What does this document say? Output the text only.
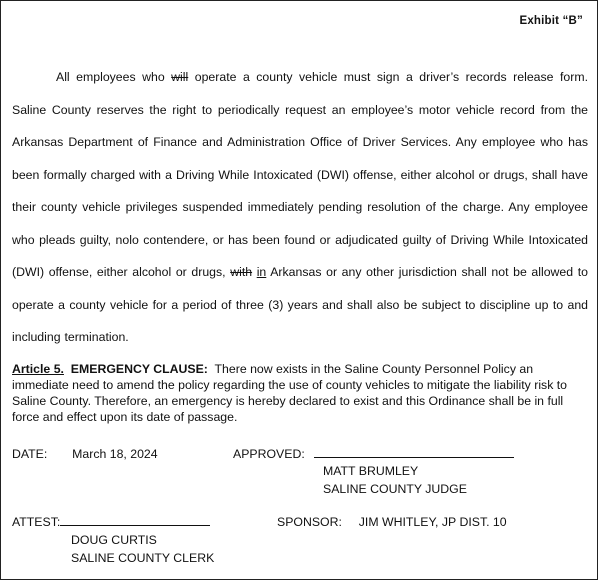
Exhibit “B”

All employees who will operate a county vehicle must sign a driver’s records release form. Saline County reserves the right to periodically request an employee’s motor vehicle record from the Arkansas Department of Finance and Administration Office of Driver Services. Any employee who has been formally charged with a Driving While Intoxicated (DWI) offense, either alcohol or drugs, shall have their county vehicle privileges suspended immediately pending resolution of the charge. Any employee who pleads guilty, nolo contendere, or has been found or adjudicated guilty of Driving While Intoxicated (DWI) offense, either alcohol or drugs, with in Arkansas or any other jurisdiction shall not be allowed to operate a county vehicle for a period of three (3) years and shall also be subject to discipline up to and including termination.

Article 5. EMERGENCY CLAUSE: There now exists in the Saline County Personnel Policy an immediate need to amend the policy regarding the use of county vehicles to mitigate the liability risk to Saline County. Therefore, an emergency is hereby declared to exist and this Ordinance shall be in full force and effect upon its date of passage.

DATE: March 18, 2024	APPROVED:
MATT BRUMLEY
SALINE COUNTY JUDGE
ATTEST:
DOUG CURTIS
SALINE COUNTY CLERK
SPONSOR: JIM WHITLEY, JP DIST. 10
